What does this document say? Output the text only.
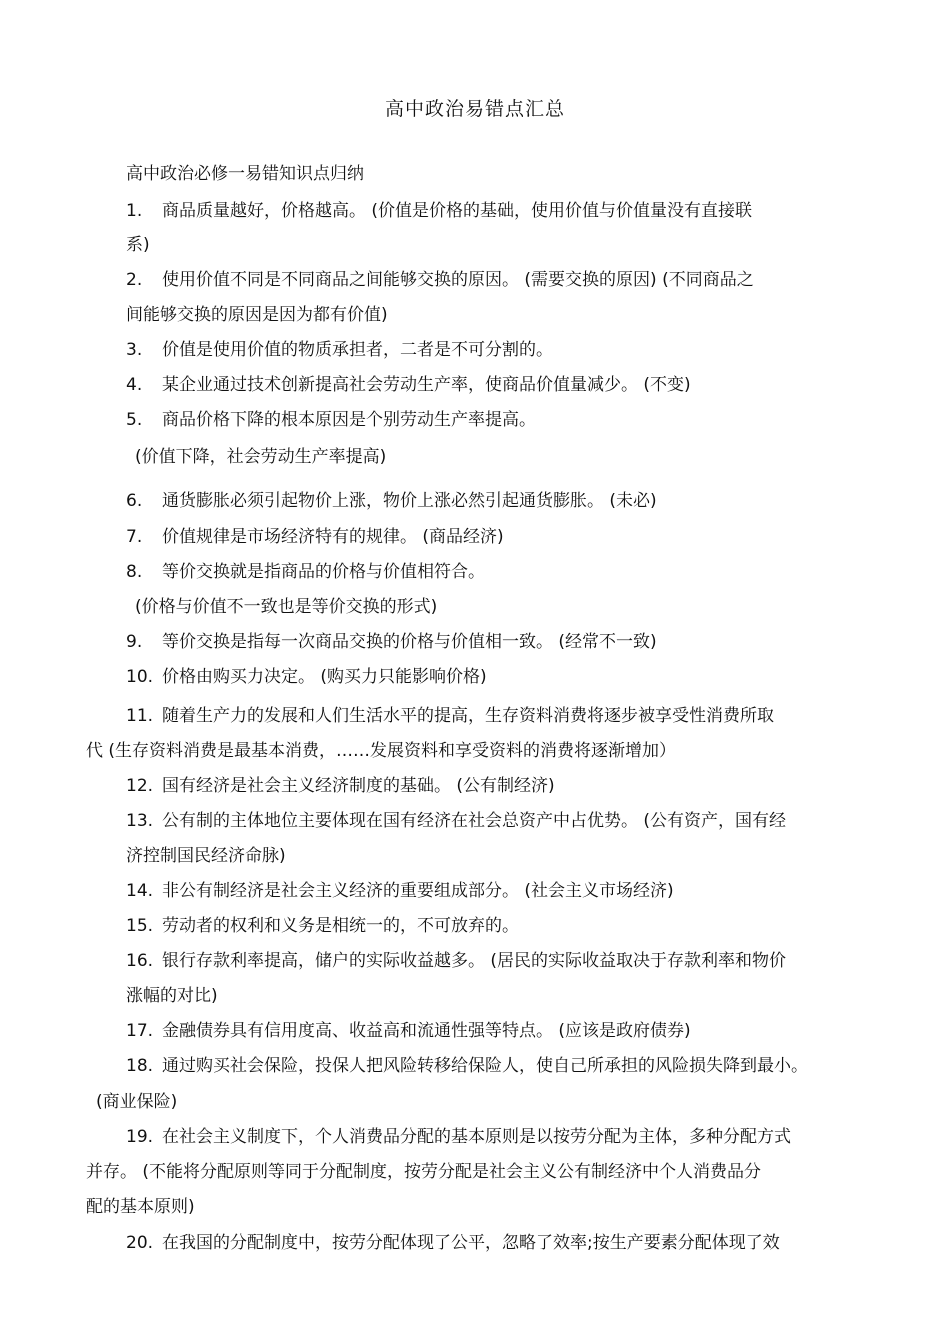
高中政治易错点汇总
高中政治必修一易错知识点归纳
1. 商品质量越好，价格越高。 (价值是价格的基础，使用价值与价值量没有直接联
系)
2. 使用价值不同是不同商品之间能够交换的原因。 (需要交换的原因) (不同商品之
间能够交换的原因是因为都有价值)
3. 价值是使用价值的物质承担者，二者是不可分割的。
4. 某企业通过技术创新提高社会劳动生产率，使商品价值量减少。 (不变)
5. 商品价格下降的根本原因是个别劳动生产率提高。
(价值下降，社会劳动生产率提高)
6. 通货膨胀必须引起物价上涨，物价上涨必然引起通货膨胀。 (未必)
7. 价值规律是市场经济特有的规律。 (商品经济)
8. 等价交换就是指商品的价格与价值相符合。
(价格与价值不一致也是等价交换的形式)
9. 等价交换是指每一次商品交换的价格与价值相一致。 (经常不一致)
10. 价格由购买力决定。 (购买力只能影响价格)
11. 随着生产力的发展和人们生活水平的提高，生存资料消费将逐步被享受性消费所取
代 (生存资料消费是最基本消费，……发展资料和享受资料的消费将逐渐增加）
12. 国有经济是社会主义经济制度的基础。 (公有制经济)
13. 公有制的主体地位主要体现在国有经济在社会总资产中占优势。 (公有资产，国有经
济控制国民经济命脉)
14. 非公有制经济是社会主义经济的重要组成部分。 (社会主义市场经济)
15. 劳动者的权利和义务是相统一的，不可放弃的。
16. 银行存款利率提高，储户的实际收益越多。 (居民的实际收益取决于存款利率和物价
涨幅的对比)
17. 金融债券具有信用度高、收益高和流通性强等特点。 (应该是政府债券)
18. 通过购买社会保险，投保人把风险转移给保险人，使自己所承担的风险损失降到最小。
(商业保险)
19. 在社会主义制度下，个人消费品分配的基本原则是以按劳分配为主体，多种分配方式
并存。 (不能将分配原则等同于分配制度，按劳分配是社会主义公有制经济中个人消费品分
配的基本原则)
20. 在我国的分配制度中，按劳分配体现了公平，忽略了效率;按生产要素分配体现了效
